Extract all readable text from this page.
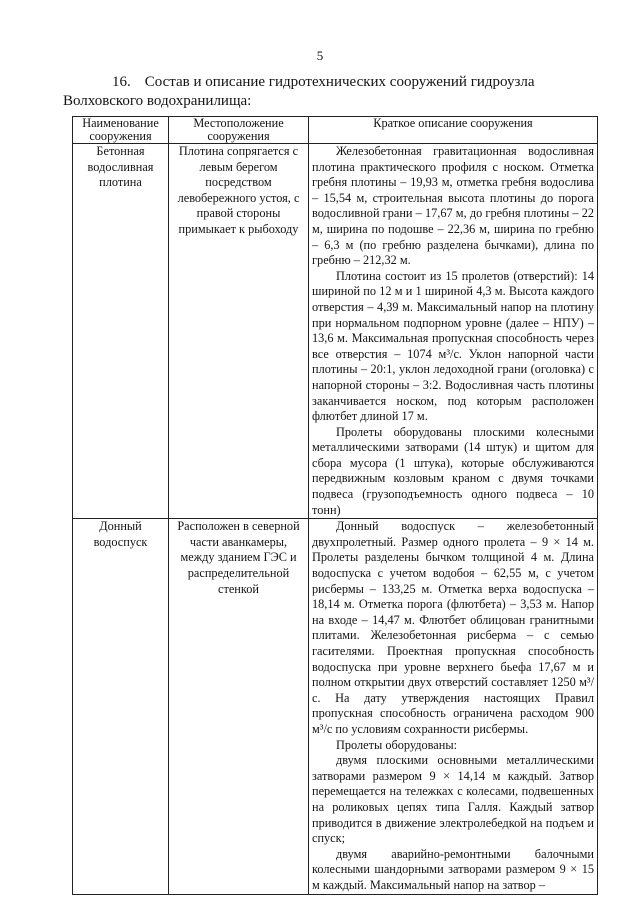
5
16. Состав и описание гидротехнических сооружений гидроузла Волховского водохранилища:
Наименование сооружения	Местоположение сооружения	Краткое описание сооружения
Бетонная водосливная плотина	Плотина сопрягается с левым берегом посредством левобережного устоя, с правой стороны примыкает к рыбоходу	Железобетонная гравитационная водосливная плотина практического профиля с носком. Отметка гребня плотины – 19,93 м, отметка гребня водослива – 15,54 м, строительная высота плотины до порога водосливной грани – 17,67 м, до гребня плотины – 22 м, ширина по подошве – 22,36 м, ширина по гребню – 6,3 м (по гребню разделена бычками), длина по гребню – 212,32 м.

Плотина состоит из 15 пролетов (отверстий): 14 шириной по 12 м и 1 шириной 4,3 м. Высота каждого отверстия – 4,39 м. Максимальный напор на плотину при нормальном подпорном уровне (далее – НПУ) – 13,6 м. Максимальная пропускная способность через все отверстия – 1074 м³/с. Уклон напорной части плотины – 20:1, уклон ледоходной грани (оголовка) с напорной стороны – 3:2. Водосливная часть плотины заканчивается носком, под которым расположен флютбет длиной 17 м.

Пролеты оборудованы плоскими колесными металлическими затворами (14 штук) и щитом для сбора мусора (1 штука), которые обслуживаются передвижным козловым краном с двумя точками подвеса (грузоподъемность одного подвеса – 10 тонн)

Донный водоспуск	Расположен в северной части аванкамеры, между зданием ГЭС и распределительной стенкой	Донный водоспуск – железобетонный двухпролетный. Размер одного пролета – 9 × 14 м. Пролеты разделены бычком толщиной 4 м. Длина водоспуска с учетом водобоя – 62,55 м, с учетом рисбермы – 133,25 м. Отметка верха водоспуска – 18,14 м. Отметка порога (флютбета) – 3,53 м. Напор на входе – 14,47 м. Флютбет облицован гранитными плитами. Железобетонная рисберма – с семью гасителями. Проектная пропускная способность водоспуска при уровне верхнего бьефа 17,67 м и полном открытии двух отверстий составляет 1250 м³/с. На дату утверждения настоящих Правил пропускная способность ограничена расходом 900 м³/с по условиям сохранности рисбермы.

Пролеты оборудованы:

двумя плоскими основными металлическими затворами размером 9 × 14,14 м каждый. Затвор перемещается на тележках с колесами, подвешенных на роликовых цепях типа Галля. Каждый затвор приводится в движение электролебедкой на подъем и спуск;

двумя аварийно-ремонтными балочными колесными шандорными затворами размером 9 × 15 м каждый. Максимальный напор на затвор –
